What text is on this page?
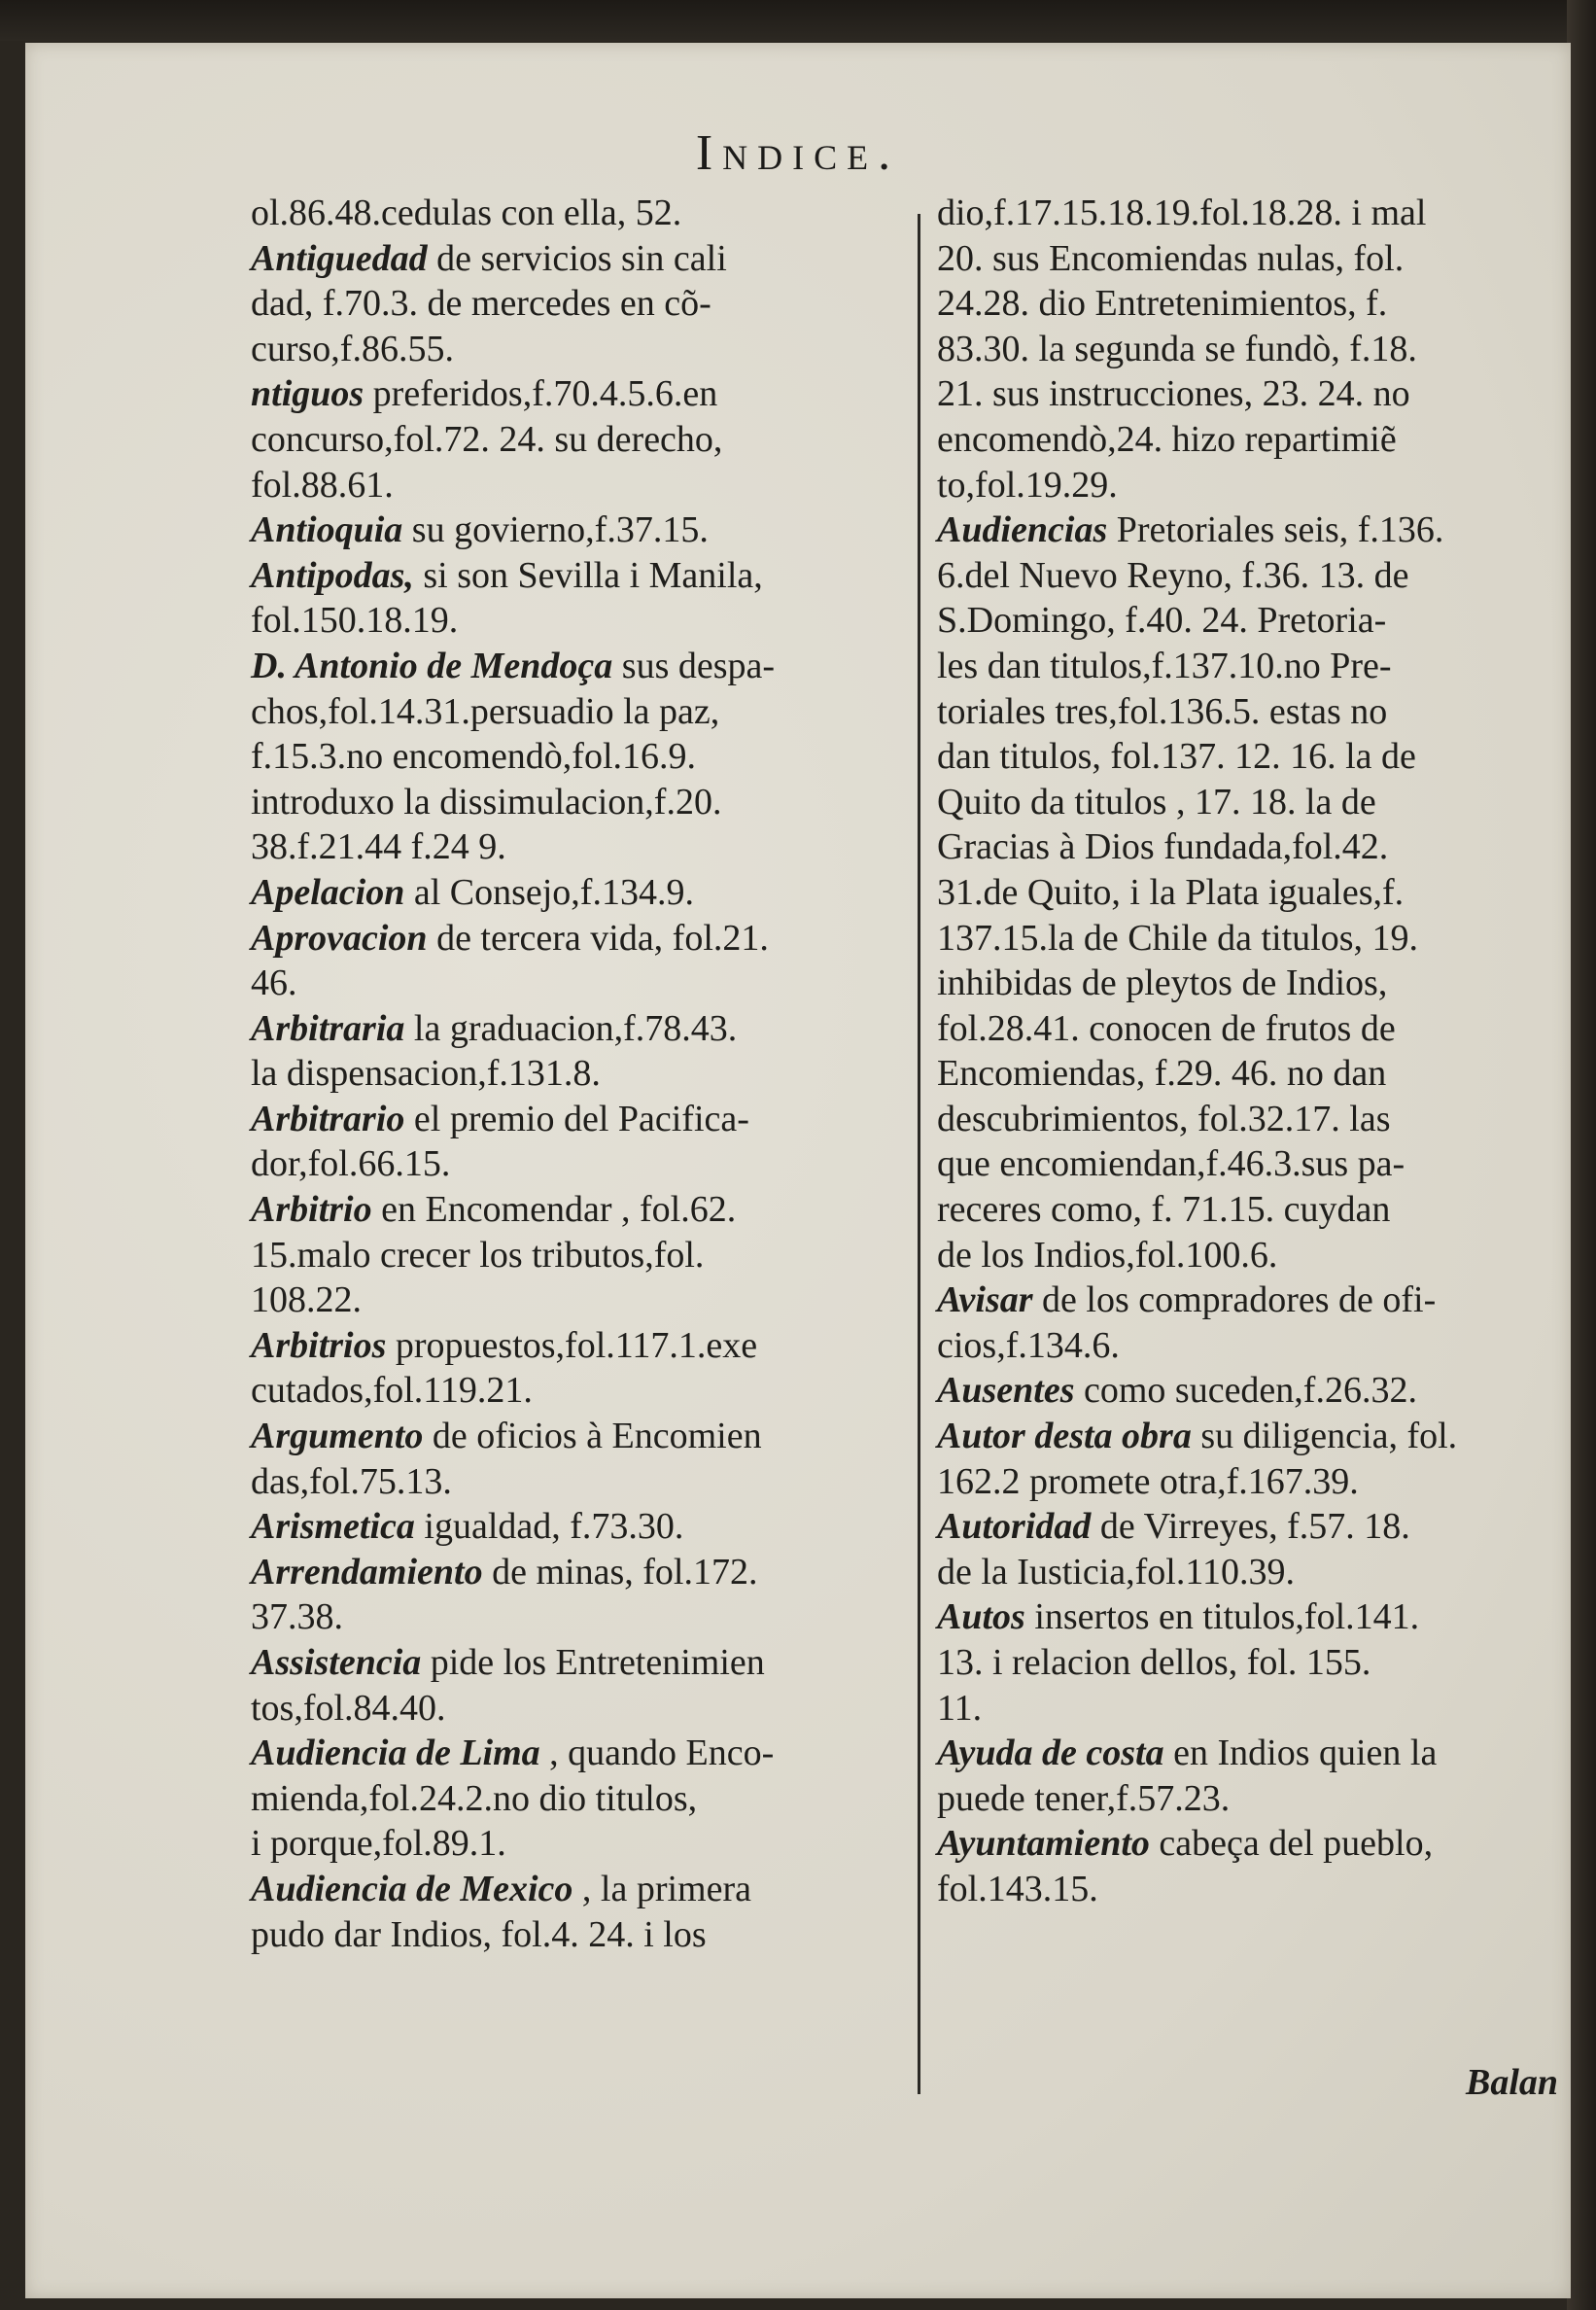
Indice.
ol.86.48.cedulas con ella, 52.
Antiguedad de servicios sin cali
dad, f.70.3. de mercedes en cõ-
curso,f.86.55.
ntiguos preferidos,f.70.4.5.6.en
concurso,fol.72. 24. su derecho,
fol.88.61.
Antioquia su govierno,f.37.15.
Antipodas, si son Sevilla i Manila,
fol.150.18.19.
D. Antonio de Mendoça sus despa-
chos,fol.14.31.persuadio la paz,
f.15.3.no encomendò,fol.16.9.
introduxo la dissimulacion,f.20.
38.f.21.44 f.24 9.
Apelacion al Consejo,f.134.9.
Aprovacion de tercera vida, fol.21.
46.
Arbitraria la graduacion,f.78.43.
la dispensacion,f.131.8.
Arbitrario el premio del Pacifica-
dor,fol.66.15.
Arbitrio en Encomendar , fol.62.
15.malo crecer los tributos,fol.
108.22.
Arbitrios propuestos,fol.117.1.exe
cutados,fol.119.21.
Argumento de oficios à Encomien
das,fol.75.13.
Arismetica igualdad, f.73.30.
Arrendamiento de minas, fol.172.
37.38.
Assistencia pide los Entretenimien
tos,fol.84.40.
Audiencia de Lima , quando Enco-
mienda,fol.24.2.no dio titulos,
i porque,fol.89.1.
Audiencia de Mexico , la primera
pudo dar Indios, fol.4. 24. i los
dio,f.17.15.18.19.fol.18.28. i mal
20. sus Encomiendas nulas, fol.
24.28. dio Entretenimientos, f.
83.30. la segunda se fundò, f.18.
21. sus instrucciones, 23. 24. no
encomendò,24. hizo repartimiẽ
to,fol.19.29.
Audiencias Pretoriales seis, f.136.
6.del Nuevo Reyno, f.36. 13. de
S.Domingo, f.40. 24. Pretoria-
les dan titulos,f.137.10.no Pre-
toriales tres,fol.136.5. estas no
dan titulos, fol.137. 12. 16. la de
Quito da titulos , 17. 18. la de
Gracias à Dios fundada,fol.42.
31.de Quito, i la Plata iguales,f.
137.15.la de Chile da titulos, 19.
inhibidas de pleytos de Indios,
fol.28.41. conocen de frutos de
Encomiendas, f.29. 46. no dan
descubrimientos, fol.32.17. las
que encomiendan,f.46.3.sus pa-
receres como, f. 71.15. cuydan
de los Indios,fol.100.6.
Avisar de los compradores de ofi-
cios,f.134.6.
Ausentes como suceden,f.26.32.
Autor desta obra su diligencia, fol.
162.2 promete otra,f.167.39.
Autoridad de Virreyes, f.57. 18.
de la Iusticia,fol.110.39.
Autos insertos en titulos,fol.141.
13. i relacion dellos, fol. 155.
11.
Ayuda de costa en Indios quien la
puede tener,f.57.23.
Ayuntamiento cabeça del pueblo,
fol.143.15.
Balan
